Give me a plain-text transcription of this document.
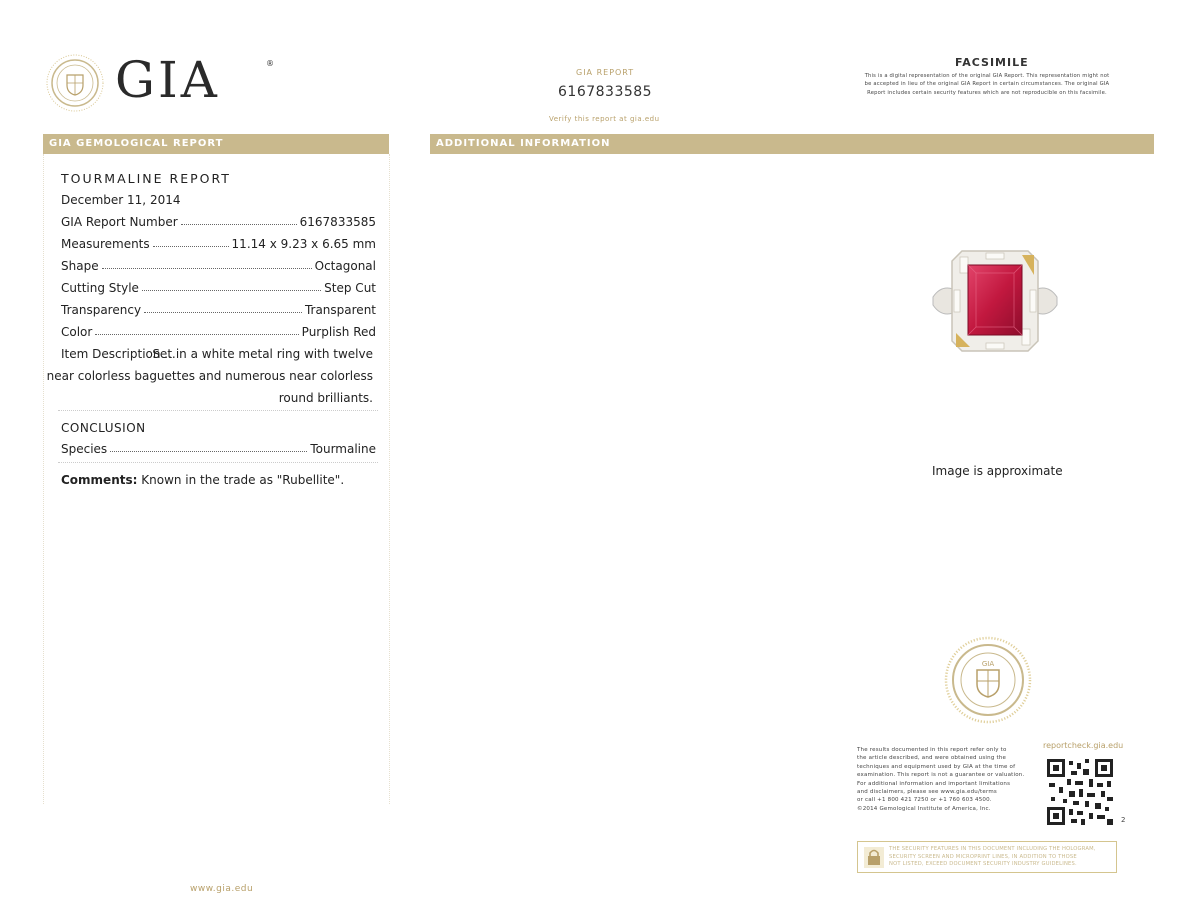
GIA	®
GIA REPORT
6167833585
Verify this report at gia.edu
FACSIMILE
This is a digital representation of the original GIA Report. This representation might not
be accepted in lieu of the original GIA Report in certain circumstances. The original GIA
Report includes certain security features which are not reproducible on this facsimile.
GIA GEMOLOGICAL REPORT	ADDITIONAL INFORMATION
TOURMALINE REPORT
December 11, 2014
GIA Report Number	6167833585
Measurements	11.14 x 9.23 x 6.65 mm
Shape	Octagonal
Cutting Style	Step Cut
Transparency	Transparent
Color	Purplish Red
Item Description ...
Set in a white metal ring with twelve
near colorless baguettes and numerous near colorless
round brilliants.
CONCLUSION
Species	Tourmaline
Comments: Known in the trade as "Rubellite".
www.gia.edu
Image is approximate
GIA
The results documented in this report refer only to
the article described, and were obtained using the
techniques and equipment used by GIA at the time of
examination. This report is not a guarantee or valuation.
For additional information and important limitations
and disclaimers, please see www.gia.edu/terms
or call +1 800 421 7250 or +1 760 603 4500.
©2014 Gemological Institute of America, Inc.
reportcheck.gia.edu
2
THE SECURITY FEATURES IN THIS DOCUMENT INCLUDING THE HOLOGRAM,
SECURITY SCREEN AND MICROPRINT LINES, IN ADDITION TO THOSE
NOT LISTED, EXCEED DOCUMENT SECURITY INDUSTRY GUIDELINES.
